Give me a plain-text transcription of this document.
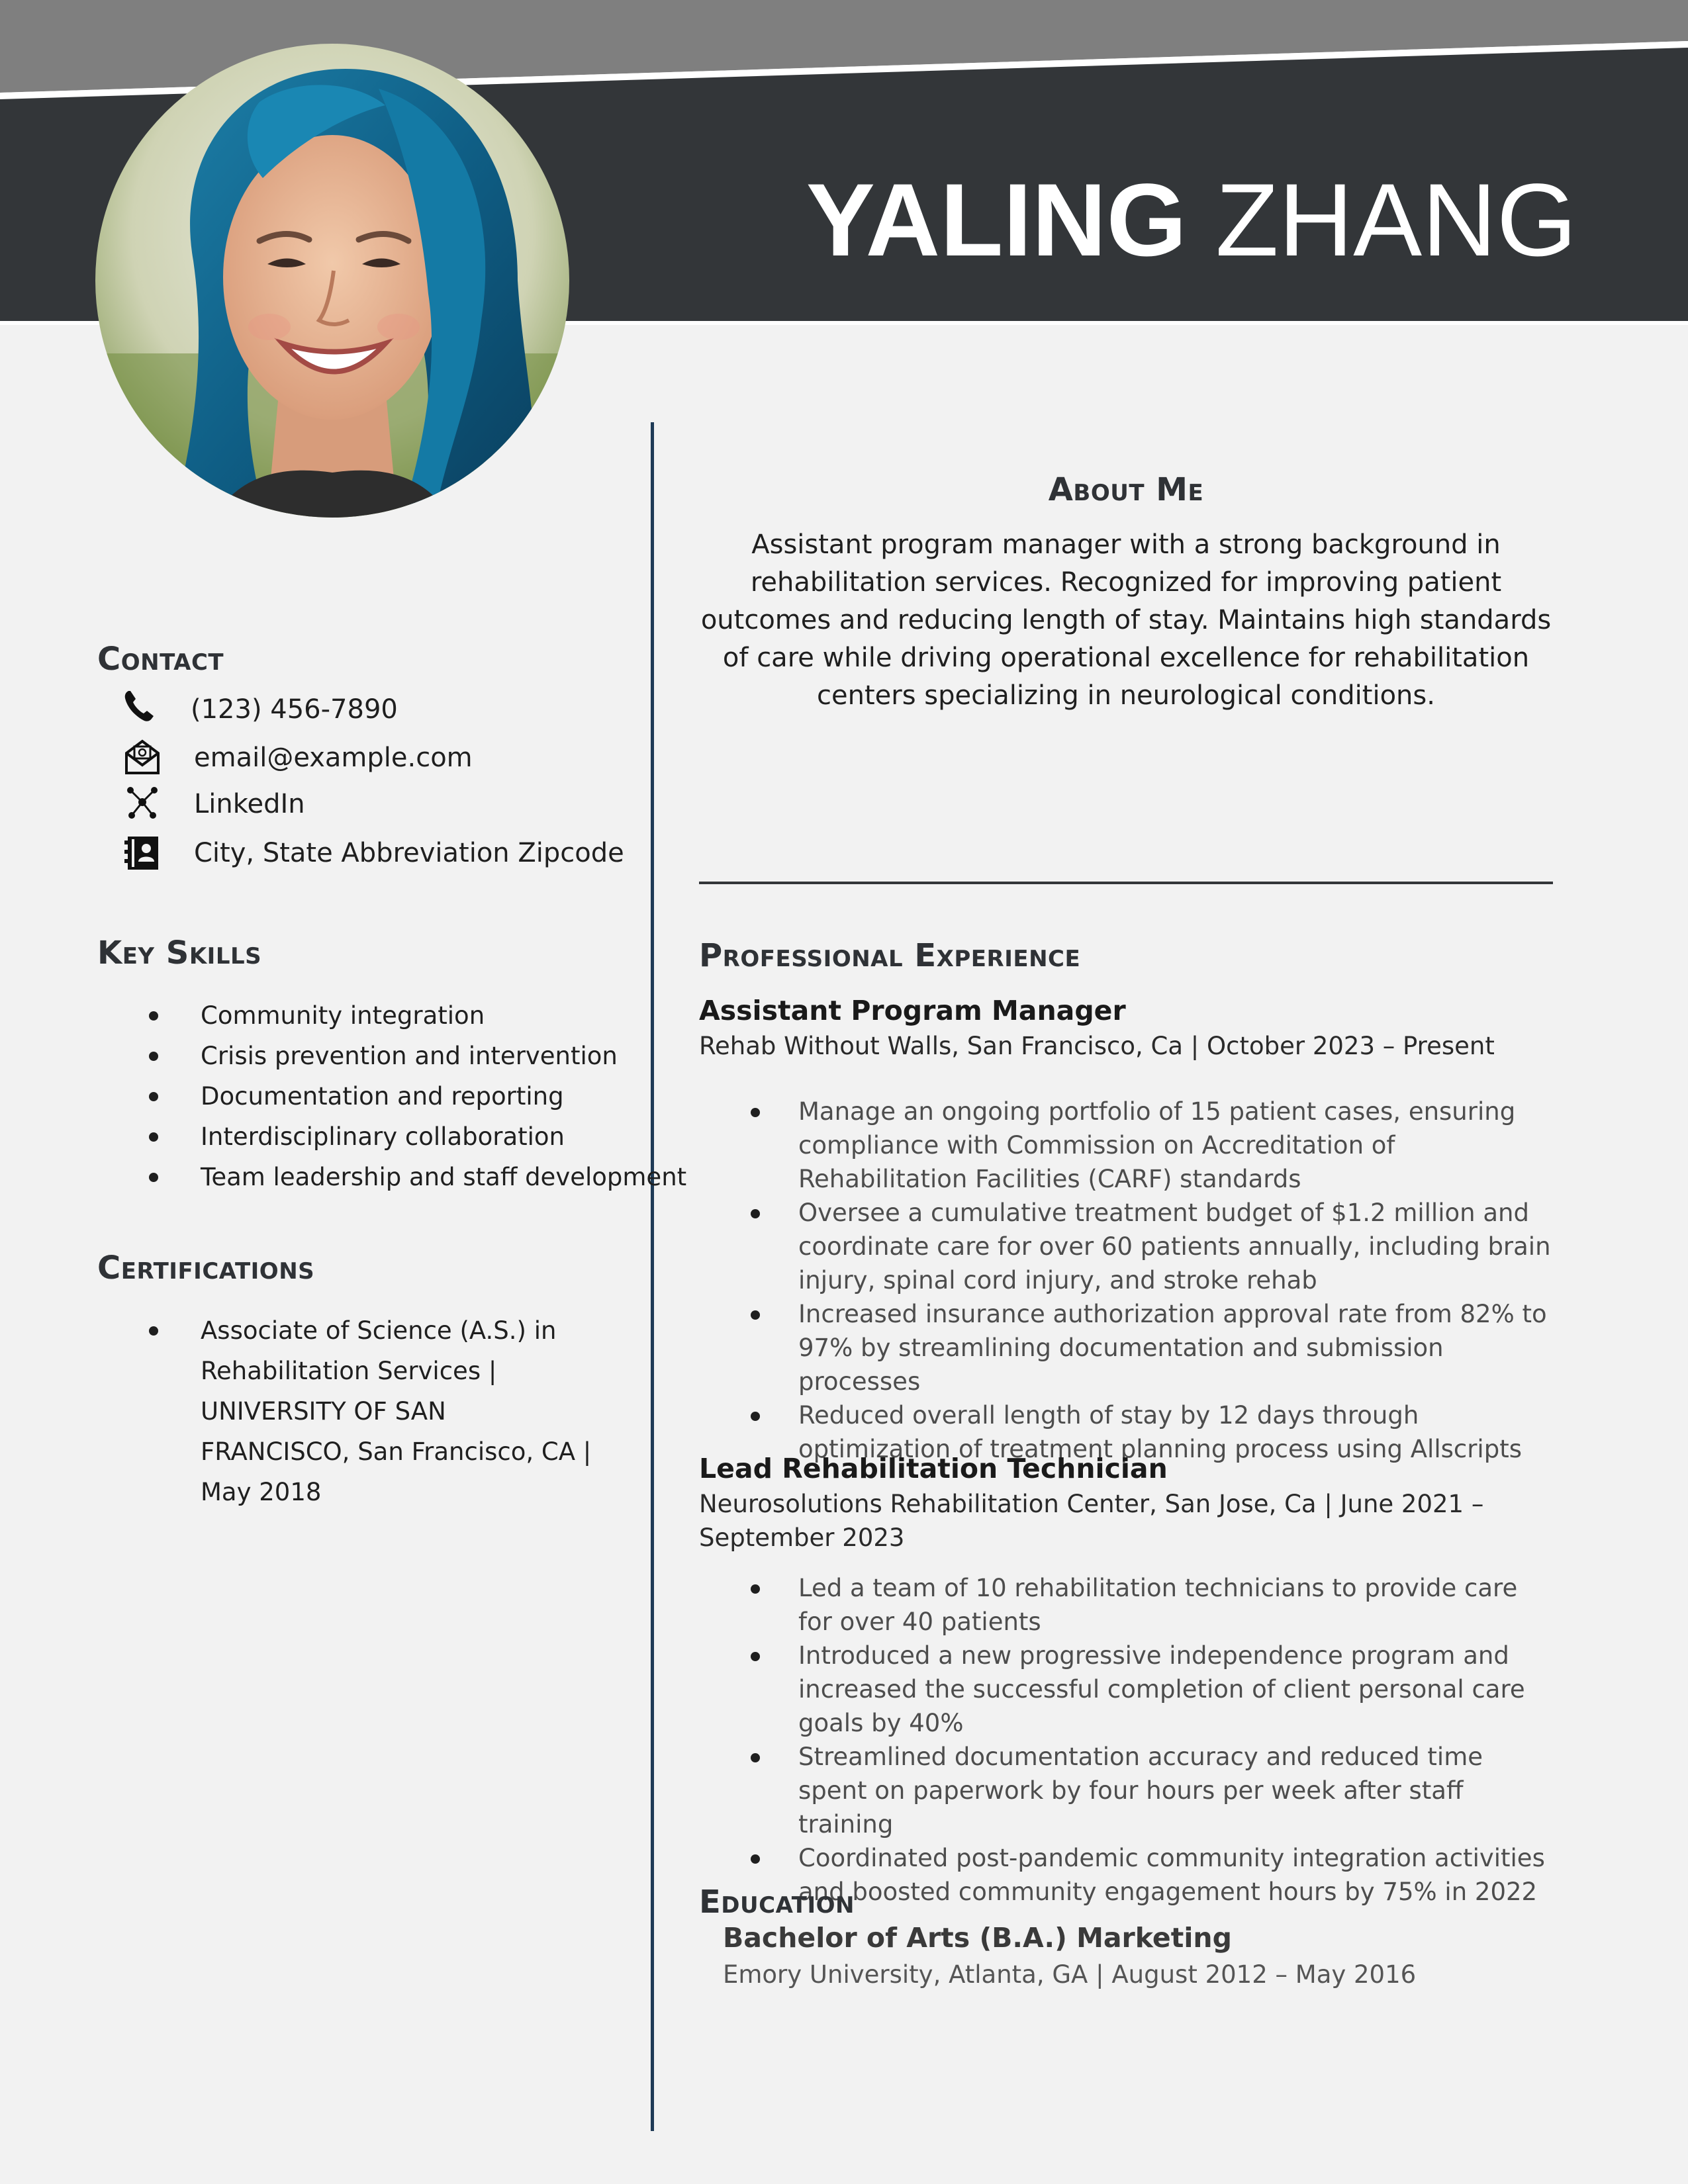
YALING ZHANG
Contact
(123) 456-7890
email@example.com
LinkedIn
City, State Abbreviation Zipcode
Key Skills
Community integration
Crisis prevention and intervention
Documentation and reporting
Interdisciplinary collaboration
Team leadership and staff development
Certifications
Associate of Science (A.S.) in Rehabilitation Services | UNIVERSITY OF SAN FRANCISCO, San Francisco, CA | May 2018
About Me

Assistant program manager with a strong background in rehabilitation services. Recognized for improving patient outcomes and reducing length of stay. Maintains high standards of care while driving operational excellence for rehabilitation centers specializing in neurological conditions.

Professional Experience
Assistant Program Manager

Rehab Without Walls, San Francisco, Ca | October 2023 – Present

Manage an ongoing portfolio of 15 patient cases, ensuring compliance with Commission on Accreditation of Rehabilitation Facilities (CARF) standards
Oversee a cumulative treatment budget of $1.2 million and coordinate care for over 60 patients annually, including brain injury, spinal cord injury, and stroke rehab
Increased insurance authorization approval rate from 82% to 97% by streamlining documentation and submission processes
Reduced overall length of stay by 12 days through optimization of treatment planning process using Allscripts
Lead Rehabilitation Technician

Neurosolutions Rehabilitation Center, San Jose, Ca | June 2021 – September 2023

Led a team of 10 rehabilitation technicians to provide care for over 40 patients
Introduced a new progressive independence program and increased the successful completion of client personal care goals by 40%
Streamlined documentation accuracy and reduced time spent on paperwork by four hours per week after staff training
Coordinated post-pandemic community integration activities and boosted community engagement hours by 75% in 2022
Education
Bachelor of Arts (B.A.) Marketing

Emory University, Atlanta, GA | August 2012 – May 2016
